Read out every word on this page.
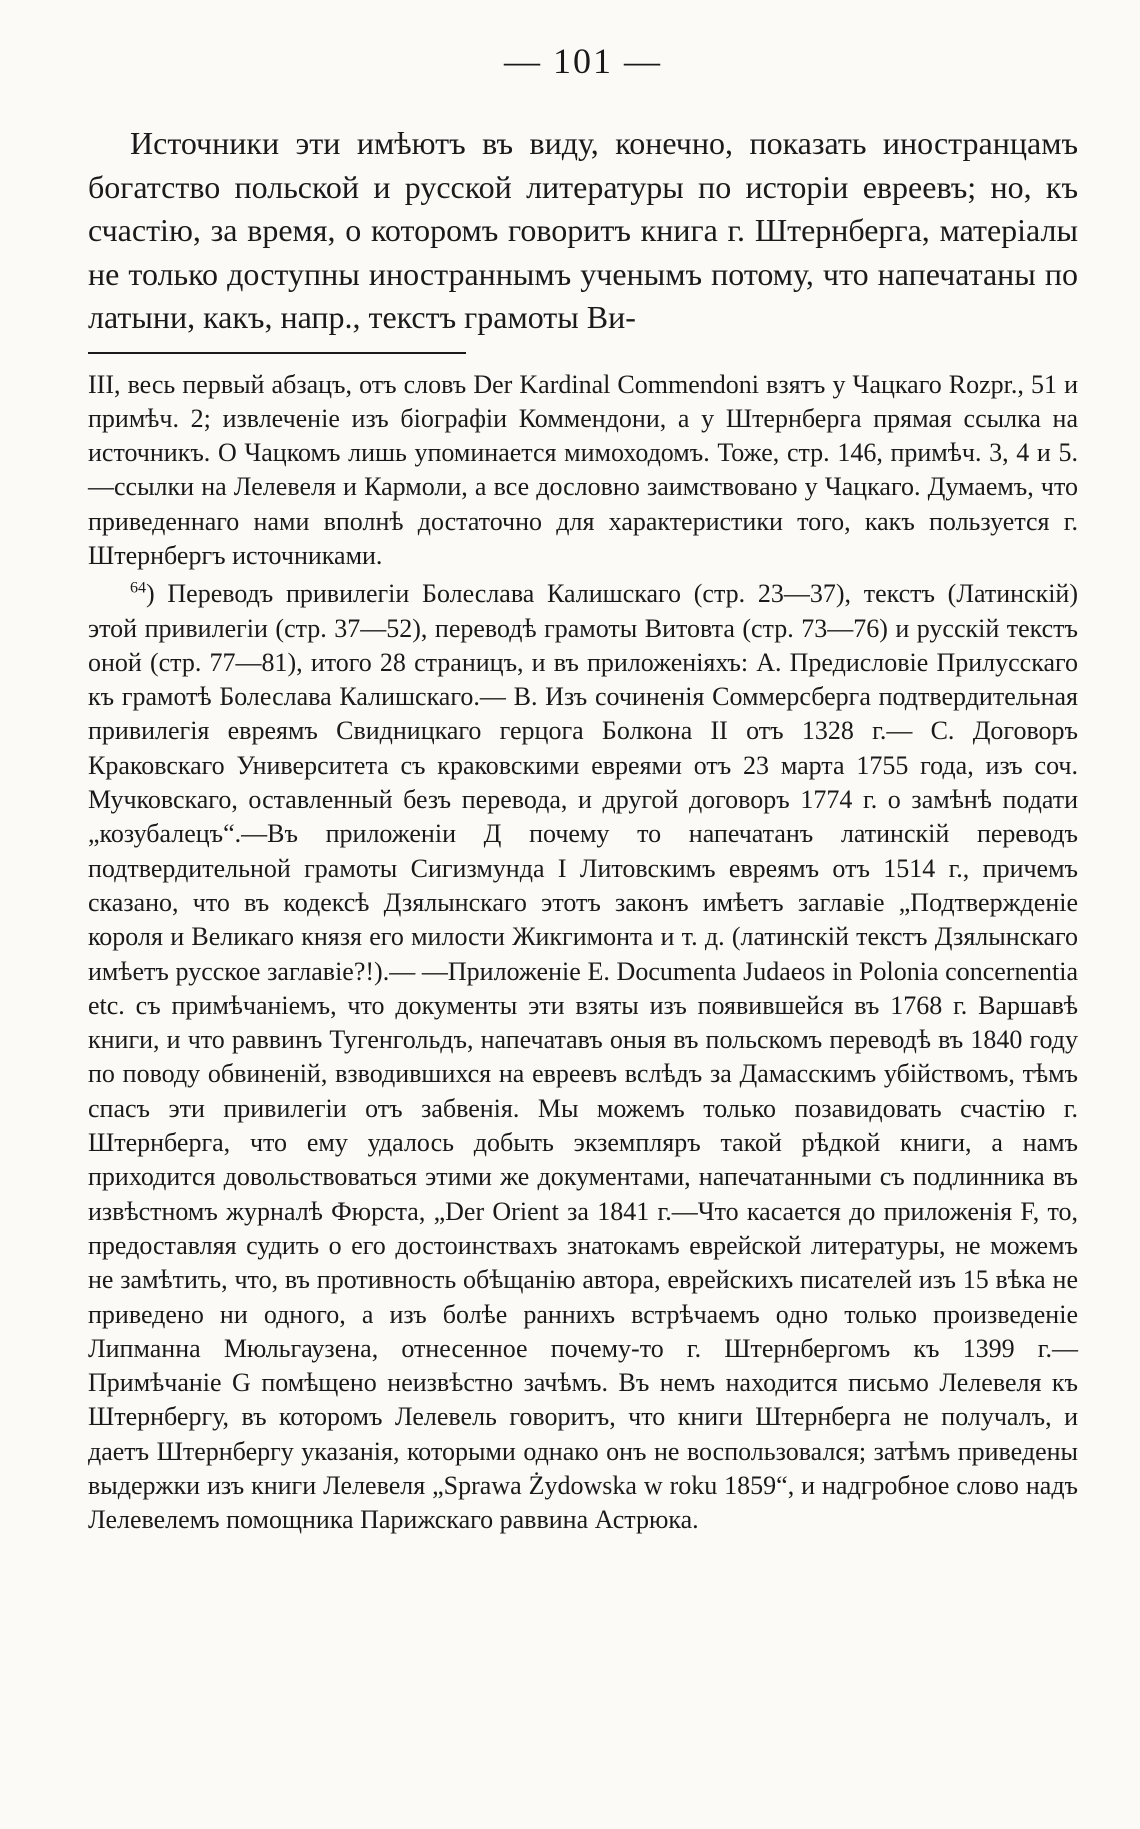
— 101 —

Источники эти имѣютъ въ виду, конечно, показать иностранцамъ богатство польской и русской литературы по исторіи евреевъ; но, къ счастію, за время, о которомъ говоритъ книга г. Штернберга, матеріалы не только доступны иностраннымъ ученымъ потому, что напечатаны по латыни, какъ, напр., текстъ грамоты Ви-

III, весь первый абзацъ, отъ словъ Der Kardinal Commendoni взятъ у Чацкаго Rozpr., 51 и примѣч. 2; извлеченіе изъ біографіи Коммендони, а у Штернберга прямая ссылка на источникъ. О Чацкомъ лишь упоминается мимоходомъ. Тоже, стр. 146, примѣч. 3, 4 и 5.—ссылки на Лелевеля и Кармоли, а все дословно заимствовано у Чацкаго. Думаемъ, что приведеннаго нами вполнѣ достаточно для характеристики того, какъ пользуется г. Штернбергъ источниками.

$^{64}$) Переводъ привилегіи Болеслава Калишскаго (стр. 23—37), текстъ (Латинскій) этой привилегіи (стр. 37—52), переводѣ грамоты Витовта (стр. 73—76) и русскій текстъ оной (стр. 77—81), итого 28 страницъ, и въ приложеніяхъ: А. Предисловіе Прилусскаго къ грамотѣ Болеслава Калишскаго.— В. Изъ сочиненія Соммерсберга подтвердительная привилегія евреямъ Свидницкаго герцога Болкона II отъ 1328 г.— С. Договоръ Краковскаго Университета съ краковскими евреями отъ 23 марта 1755 года, изъ соч. Мучковскаго, оставленный безъ перевода, и другой договоръ 1774 г. о замѣнѣ подати „козубалецъ“.—Въ приложеніи Д почему то напечатанъ латинскій переводъ подтвердительной грамоты Сигизмунда I Литовскимъ евреямъ отъ 1514 г., причемъ сказано, что въ кодексѣ Дзялынскаго этотъ законъ имѣетъ заглавіе „Подтвержденіе короля и Великаго князя его милости Жикгимонта и т. д. (латинскій текстъ Дзялынскаго имѣетъ русское заглавіе?!).— —Приложеніе Е. Documenta Judaeos in Polonia concernentia etc. съ примѣчаніемъ, что документы эти взяты изъ появившейся въ 1768 г. Варшавѣ книги, и что раввинъ Тугенгольдъ, напечатавъ оныя въ польскомъ переводѣ въ 1840 году по поводу обвиненій, взводившихся на евреевъ вслѣдъ за Дамасскимъ убійствомъ, тѣмъ спасъ эти привилегіи отъ забвенія. Мы можемъ только позавидовать счастію г. Штернберга, что ему удалось добыть экземпляръ такой рѣдкой книги, а намъ приходится довольствоваться этими же документами, напечатанными съ подлинника въ извѣстномъ журналѣ Фюрста, „Der Orient за 1841 г.—Что касается до приложенія F, то, предоставляя судить о его достоинствахъ знатокамъ еврейской литературы, не можемъ не замѣтить, что, въ противность обѣщанію автора, еврейскихъ писателей изъ 15 вѣка не приведено ни одного, а изъ болѣе раннихъ встрѣчаемъ одно только произведеніе Липманна Мюльгаузена, отнесенное почему-то г. Штернбергомъ къ 1399 г.—Примѣчаніе G помѣщено неизвѣстно зачѣмъ. Въ немъ находится письмо Лелевеля къ Штернбергу, въ которомъ Лелевель говоритъ, что книги Штернберга не получалъ, и даетъ Штернбергу указанія, которыми однако онъ не воспользовался; затѣмъ приведены выдержки изъ книги Лелевеля „Sprawa Żydowska w roku 1859“, и надгробное слово надъ Лелевелемъ помощника Парижскаго раввина Астрюка.
